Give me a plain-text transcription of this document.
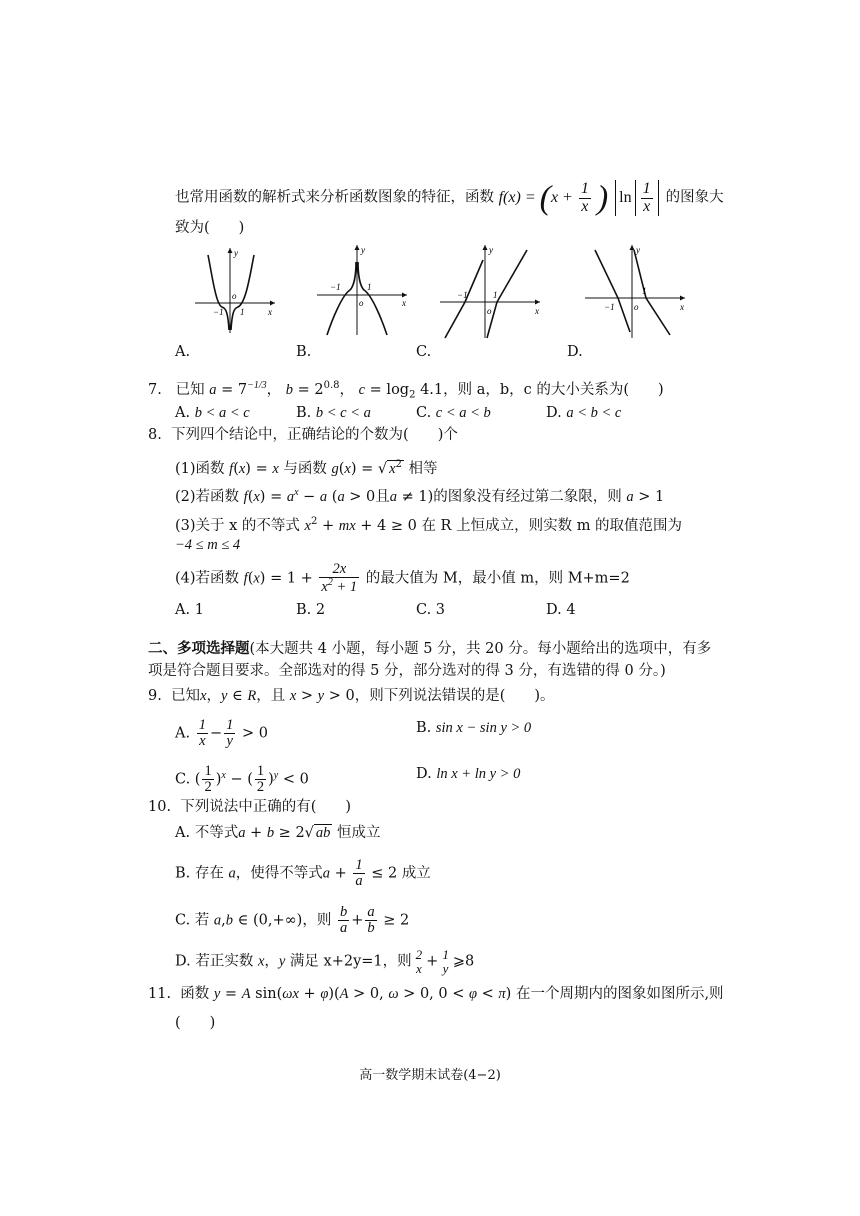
也常用函数的解析式来分析函数图象的特征，函数 $f(x) = (x + \frac{1}{x}$ ) $\ln \frac{1}{x}$ 的图象大
致为(　　)
y
x
o
−1 1
A.
y
x
o
−1	1
B.
y
x
o
−1	1
C.
y
x
o
−1
1
D.
7. 已知 $a = 7^{-1/3}$， $b = 2^{0.8}$， $c = \log_2 4.1$，则 a，b，c 的大小关系为(　　)
A. b < a < c	B. b < c < a	C. c < a < b	D. a < b < c
8. 下列四个结论中，正确结论的个数为(　　)个
(1)函数 f(x) = x 与函数 g(x) = √ $x^2$ 相等
(2)若函数 $f(x) = a^x - a$ (a > 0且a ≠ 1)的图象没有经过第二象限，则 a > 1
(3)关于 x 的不等式 $x^2$ + mx + 4 ≥ 0 在 R 上恒成立，则实数 m 的取值范围为
−4 ≤ m ≤ 4
(4)若函数 $f(x) = 1 + \frac{2x}{x^2 + 1}$ 的最大值为 M，最小值 m，则 M+m=2
A. 1	B. 2	C. 3	D. 4
二、多项选择题(本大题共 4 小题，每小题 5 分，共 20 分。每小题给出的选项中，有多
项是符合题目要求。全部选对的得 5 分，部分选对的得 3 分，有选错的得 0 分。)
9. 已知x，y ∈ R，且 x > y > 0，则下列说法错误的是(　　)。
A. $\frac{1}{x} - \frac{1}{y} > 0$	B. sin x − sin y > 0
C. ( $\frac{1}{2} )^x$ − ( $\frac{1}{2} )^y < 0$	D. ln x + ln y > 0
10. 下列说法中正确的有(　　)
A. 不等式a + b ≥ 2√ ab 恒成立
B. 存在 a，使得不等式$a + \frac{1}{a} \le 2$ 成立
C. 若 a,b ∈ (0,+∞)，则 $\frac{b}{a} + \frac{a}{b} \ge 2$
D. 若正实数 x，y 满足 x+2y=1，则 2
x + 1
y ⩾8
11. 函数 y = A sin(ωx + φ)(A > 0, ω > 0, 0 < φ < π) 在一个周期内的图象如图所示,则
(　　)
高一数学期末试卷(4−2)
